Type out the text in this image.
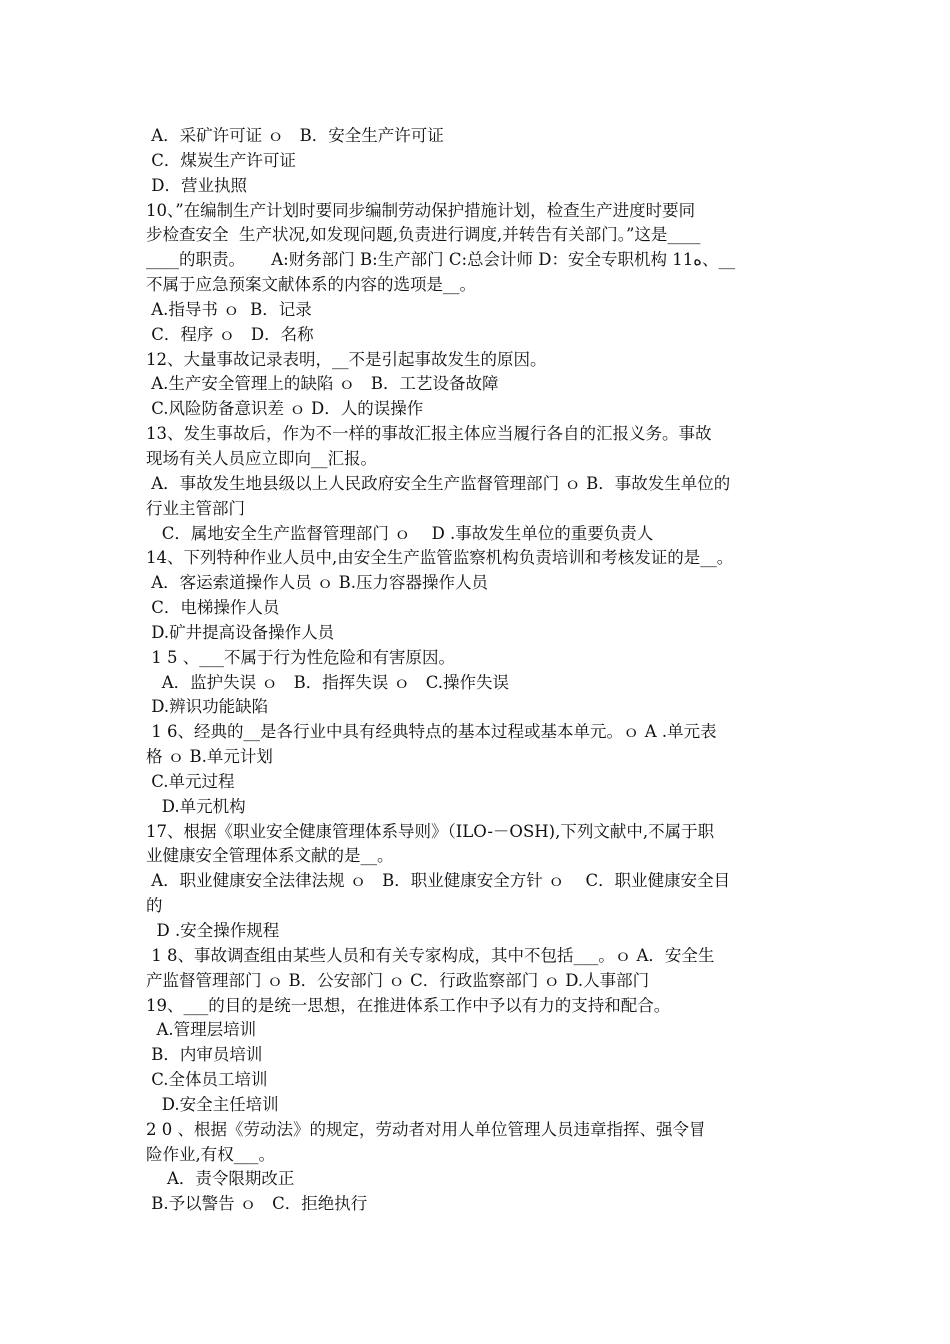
A．采矿许可证 ｏ   B．安全生产许可证
C．煤炭生产许可证
D．营业执照
10、”在编制生产计划时要同步编制劳动保护措施计划，检查生产进度时要同
步检查安全  生产状况,如发现问题,负责进行调度,并转告有关部门。”这是____
____的职责。     A:财务部门 B:生产部门 C:总会计师 D：安全专职机构 11ﻩ、__
不属于应急预案文献体系的内容的选项是__。
A.指导书 ｏ  B．记录
C．程序 ｏ   D．名称
12、大量事故记录表明，__不是引起事故发生的原因。
A.生产安全管理上的缺陷 ｏ   B．工艺设备故障
C.风险防备意识差 ｏ D．人的误操作
13、发生事故后，作为不一样的事故汇报主体应当履行各自的汇报义务。事故
现场有关人员应立即向__汇报。
A．事故发生地县级以上人民政府安全生产监督管理部门 ｏ B．事故发生单位的
行业主管部门
C．属地安全生产监督管理部门 ｏ    D .事故发生单位的重要负责人
14、下列特种作业人员中,由安全生产监管监察机构负责培训和考核发证的是__。
A．客运索道操作人员 ｏ B.压力容器操作人员
C．电梯操作人员
D.矿井提高设备操作人员
1 5 、___不属于行为性危险和有害原因。
A．监护失误 ｏ   B．指挥失误 ｏ   C.操作失误
D.辨识功能缺陷
1 6、经典的__是各行业中具有经典特点的基本过程或基本单元。ｏ A .单元表
格 ｏ B.单元计划
C.单元过程
D.单元机构
17、根据《职业安全健康管理体系导则》（ILO-－OSH),下列文献中,不属于职
业健康安全管理体系文献的是__。
A．职业健康安全法律法规 ｏ   B．职业健康安全方针 ｏ    C．职业健康安全目
的
D .安全操作规程
1 8、事故调查组由某些人员和有关专家构成，其中不包括___。ｏ A．安全生
产监督管理部门 ｏ B．公安部门 ｏ C．行政监察部门 ｏ D.人事部门
19、___的目的是统一思想，在推进体系工作中予以有力的支持和配合。
A.管理层培训
B．内审员培训
C.全体员工培训
D.安全主任培训
2 0 、根据《劳动法》的规定，劳动者对用人单位管理人员违章指挥、强令冒
险作业,有权___。
A．责令限期改正
B.予以警告 ｏ   C．拒绝执行
